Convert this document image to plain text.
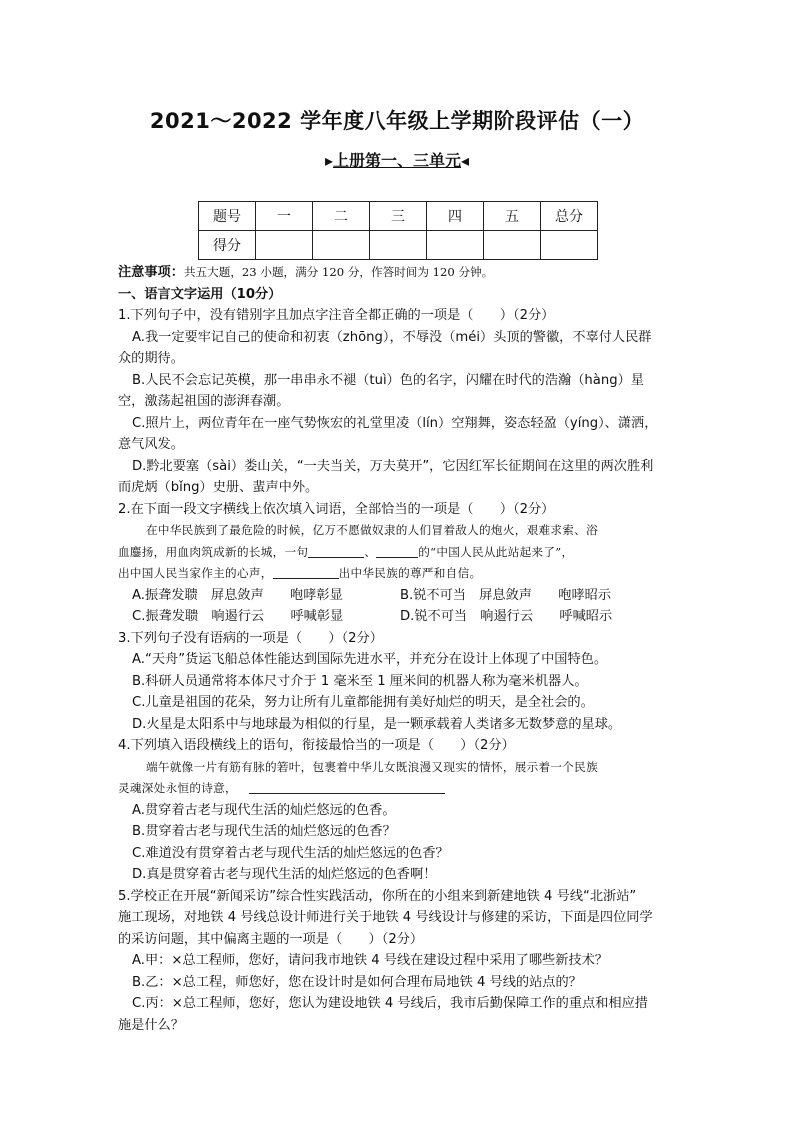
2021～2022 学年度八年级上学期阶段评估（一）
▸上册第一、三单元◂
题号	一	二	三	四	五	总分
得分						
注意事项：共五大题，23 小题，满分 120 分，作答时间为 120 分钟。
一、语言文字运用（10分）
1.下列句子中，没有错别字且加点字注音全都正确的一项是（　　）（2分）
A.我一定要牢记自己的使命和初衷（zhōng），不辱没（méi）头顶的警徽，不辜付人民群
众的期待。
B.人民不会忘记英模，那一串串永不褪（tuì）色的名字，闪耀在时代的浩瀚（hàng）星
空，激荡起祖国的澎湃春潮。
C.照片上，两位青年在一座气势恢宏的礼堂里凌（lín）空翔舞，姿态轻盈（yíng）、潇洒，
意气风发。
D.黔北要塞（sài）娄山关，“一夫当关，万夫莫开”，它因红军长征期间在这里的两次胜利
而虎炳（bǐng）史册、蜚声中外。
2.在下面一段文字横线上依次填入词语，全部恰当的一项是（　　）（2分）
在中华民族到了最危险的时候，亿万不愿做奴隶的人们冒着敌人的炮火，艰难求索、浴
血鏖扬，用血肉筑成新的长城，一句	、	的“中国人民从此站起来了”，
出中国人民当家作主的心声，	出中华民族的尊严和自信。
A.振聋发聩　屏息敛声　　咆哮彰显	B.锐不可当　屏息敛声　　咆哮昭示
C.振聋发聩　响遏行云　　呼喊彰显	D.锐不可当　响遏行云　　呼喊昭示
3.下列句子没有语病的一项是（　　）（2分）
A.“天舟”货运飞船总体性能达到国际先进水平，并充分在设计上体现了中国特色。
B.科研人员通常将本体尺寸介于 1 毫米至 1 厘米间的机器人称为毫米机器人。
C.儿童是祖国的花朵，努力让所有儿童都能拥有美好灿烂的明天，是全社会的。
D.火星是太阳系中与地球最为相似的行星，是一颗承载着人类诸多无数梦意的星球。
4.下列填入语段横线上的语句，衔接最恰当的一项是（　　）（2分）
端午就像一片有筋有脉的箬叶，包裹着中华儿女既浪漫又现实的情怀，展示着一个民族
灵魂深处永恒的诗意，
A.贯穿着古老与现代生活的灿烂悠远的色香。
B.贯穿着古老与现代生活的灿烂悠远的色香？
C.难道没有贯穿着古老与现代生活的灿烂悠远的色香？
D.真是贯穿着古老与现代生活的灿烂悠远的色香啊！
5.学校正在开展“新闻采访”综合性实践活动，你所在的小组来到新建地铁 4 号线“北浙站”
施工现场，对地铁 4 号线总设计师进行关于地铁 4 号线设计与修建的采访，下面是四位同学
的采访问题，其中偏离主题的一项是（　　）（2分）
A.甲：×总工程师，您好，请问我市地铁 4 号线在建设过程中采用了哪些新技术？
B.乙：×总工程，师您好，您在设计时是如何合理布局地铁 4 号线的站点的？
C.丙：×总工程师，您好，您认为建设地铁 4 号线后，我市后勤保障工作的重点和相应措
施是什么？
